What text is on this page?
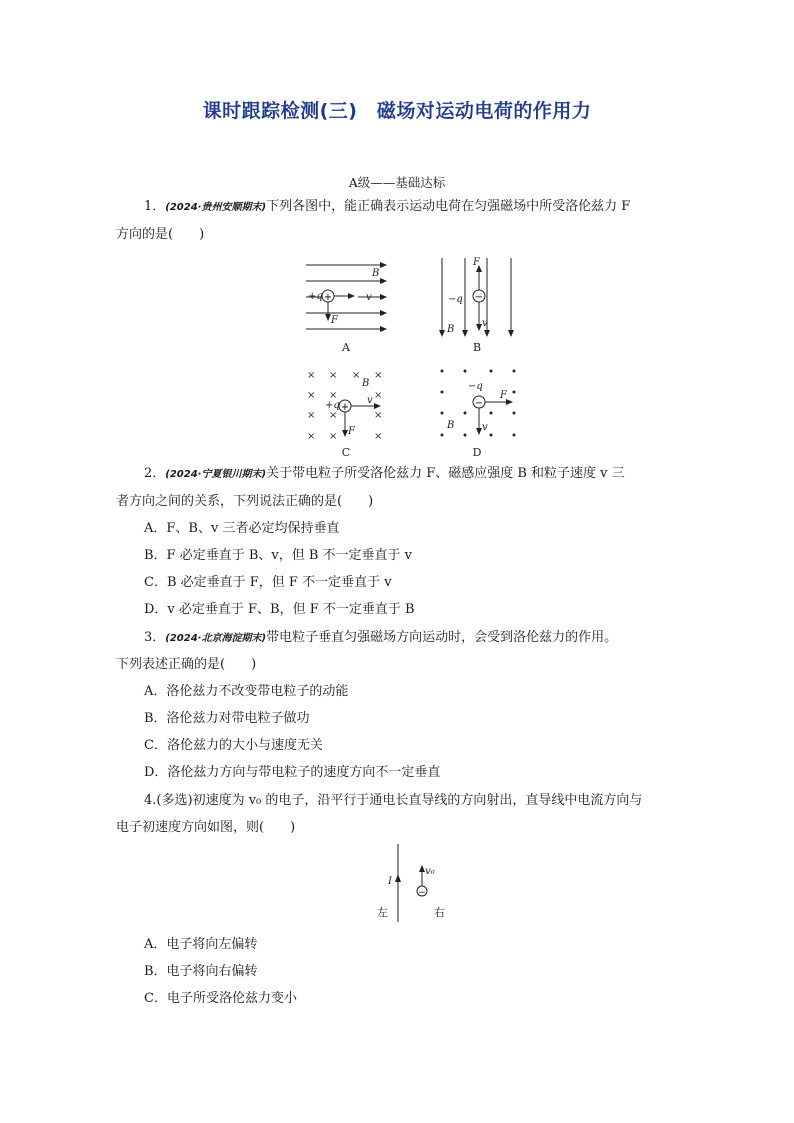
课时跟踪检测(三)　磁场对运动电荷的作用力
A级——基础达标
1．(2024·贵州安顺期末)下列各图中，能正确表示运动电荷在匀强磁场中所受洛伦兹力 F
方向的是(　　)
+
B
+q	v
F
A
−
F
−q
v
B
B
× × × ×
× ×	×
× ×	×
× ×	×
+
B
+q	v
F
C
−
−q
F
B	v
D
2．(2024·宁夏银川期末)关于带电粒子所受洛伦兹力 F、磁感应强度 B 和粒子速度 v 三
者方向之间的关系，下列说法正确的是(　　)
A．F、B、v 三者必定均保持垂直
B．F 必定垂直于 B、v，但 B 不一定垂直于 v
C．B 必定垂直于 F，但 F 不一定垂直于 v
D．v 必定垂直于 F、B，但 F 不一定垂直于 B
3．(2024·北京海淀期末)带电粒子垂直匀强磁场方向运动时，会受到洛伦兹力的作用。
下列表述正确的是(　　)
A．洛伦兹力不改变带电粒子的动能
B．洛伦兹力对带电粒子做功
C．洛伦兹力的大小与速度无关
D．洛伦兹力方向与带电粒子的速度方向不一定垂直
4.(多选)初速度为 v₀ 的电子，沿平行于通电长直导线的方向射出，直导线中电流方向与
电子初速度方向如图，则(　　)
−
I
v₀
左	右
A．电子将向左偏转
B．电子将向右偏转
C．电子所受洛伦兹力变小
